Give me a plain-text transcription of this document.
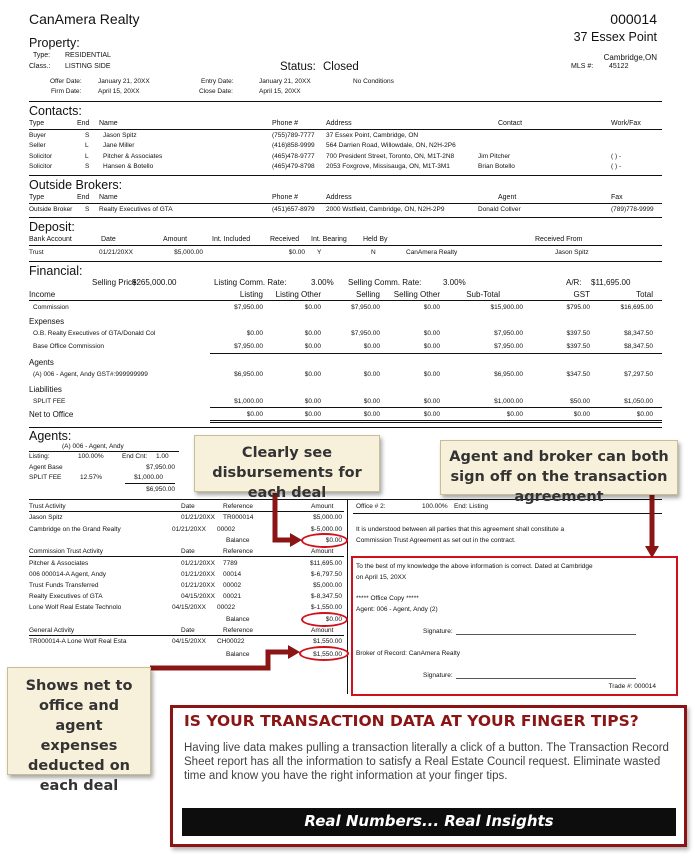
CanAmera Realty	000014
37 Essex Point
Cambridge,ON
MLS #: 45122
Property:
Type: RESIDENTIAL
Class.: LISTING SIDE	Status: Closed
Offer Date:	January 21, 20XX
Firm Date:	April 15, 20XX
Entry Date:	January 21, 20XX
Close Date:	April 15, 20XX
No Conditions
Contacts:
Type	End Name	Phone #	Address	Contact	Work/Fax
Buyer	S Jason Spitz	(755)789-7777 37 Essex Point, Cambridge, ON
Seller	L Jane Miller	(416)858-9999 564 Darrien Road, Willowdale, ON, N2H-2P6
Solicitor	L Pitcher & Associates	(465)478-9777 700 President Street, Toronto, ON, M1T-2N8	Jim Pitcher	( ) -
Solicitor	S Hansen & Botello	(465)479-8798 2053 Foxgrove, Missisauga, ON, M1T-3M1	Brian Botello	( ) -
Outside Brokers:
Type	End Name	Phone #	Address	Agent	Fax
Outside Broker S Realty Executives of GTA	(451)657-8979 2000 Wstfield, Cambridge, ON, N2H-2P9	Donald Collver	(789)778-9999
Deposit:
Bank Account	Date	Amount	Int. Included	Received Int. Bearing Held By	Received From
Trust	01/21/20XX	$5,000.00	$0.00 Y	N	CanAmera Realty	Jason Spitz
Financial:
Selling Price:
$265,000.00	Listing Comm. Rate:	3.00% Selling Comm. Rate:	3.00%	A/R: $11,695.00
Income	Listing	Listing Other	Selling	Selling Other	Sub-Total	GST	Total
Commission	$7,950.00	$0.00	$7,950.00	$0.00	$15,900.00	$795.00	$16,695.00
Expenses
O.B. Realty Executives of GTA/Donald Col	$0.00	$0.00	$7,950.00	$0.00	$7,950.00	$397.50	$8,347.50
Base Office Commission	$7,950.00	$0.00	$0.00	$0.00	$7,950.00	$397.50	$8,347.50
Agents
(A) 006 - Agent, Andy GST#:999999999	$6,950.00	$0.00	$0.00	$0.00	$6,950.00	$347.50	$7,297.50
Liabilities
SPLIT FEE	$1,000.00	$0.00	$0.00	$0.00	$1,000.00	$50.00	$1,050.00
Net to Office	$0.00	$0.00	$0.00	$0.00	$0.00	$0.00	$0.00
Agents:
(A) 006 - Agent, Andy
Listing:	100.00%	End Cnt: 1.00
Agent Base	$7,950.00
SPLIT FEE	12.57%	$1,000.00
$6,950.00
Trust Activity	Date	Reference	Amount
Jason Spitz	01/21/20XX TR000014	$5,000.00
Cambridge on the Grand Realty	01/21/20XX 00002	$-5,000.00
Balance	$0.00
Commission Trust Activity	Date	Reference	Amount
Pitcher & Associates	01/21/20XX 7789	$11,695.00
006 000014-A Agent, Andy	01/21/20XX 00014	$-6,797.50
Trust Funds Transferred	01/21/20XX 00002	$5,000.00
Realty Executives of GTA	04/15/20XX 00021	$-8,347.50
Lone Wolf Real Estate Technolo	04/15/20XX 00022	$-1,550.00
Balance	$0.00
General Activity	Date	Reference	Amount
TR000014-A Lone Wolf Real Esta	04/15/20XX CH00022	$1,550.00
Balance	$1,550.00
Office # 2:	100.00% End: Listing
It is understood between all parties that this agreement shall constitute a Commission Trust Agreement as set out in the contract.
To the best of my knowledge the above information is correct. Dated at Cambridge on April 15, 20XX
***** Office Copy *****
Agent: 006 - Agent, Andy (2)
Signature:
Broker of Record: CanAmera Realty
Signature:
Trade #: 000014
Clearly see disbursements for each deal
Agent and broker can both sign off on the transaction agreement
Shows net to office and agent expenses deducted on each deal
IS YOUR TRANSACTION DATA AT YOUR FINGER TIPS?
Having live data makes pulling a transaction literally a click of a button. The Transaction Record Sheet report has all the information to satisfy a Real Estate Council request. Eliminate wasted time and know you have the right information at your finger tips.
Real Numbers... Real Insights
